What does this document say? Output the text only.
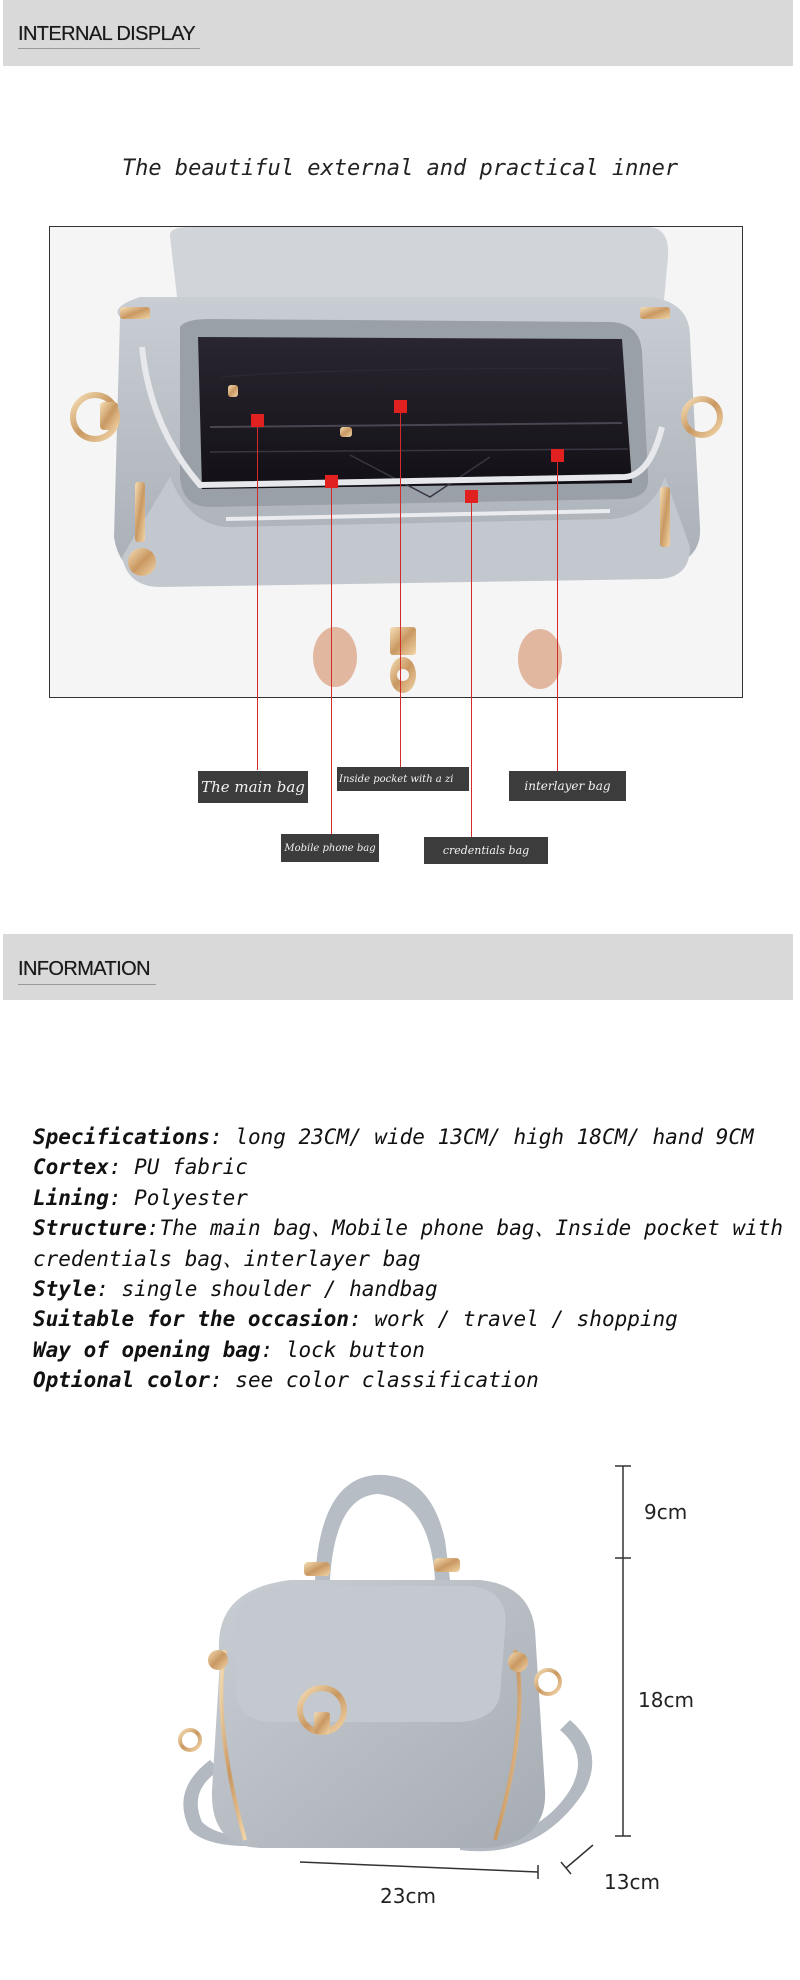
INTERNAL DISPLAY
The beautiful external and practical inner
The main bag	Inside pocket with a zi	interlayer bag
Mobile phone bag	credentials bag
INFORMATION
Specifications: long 23CM/ wide 13CM/ high 18CM/ hand 9CM
Cortex: PU fabric
Lining: Polyester
Structure:The main bag、Mobile phone bag、Inside pocket with
credentials bag、interlayer bag
Style: single shoulder / handbag
Suitable for the occasion: work / travel / shopping
Way of opening bag: lock button
Optional color: see color classification
9cm
18cm
23cm
13cm
